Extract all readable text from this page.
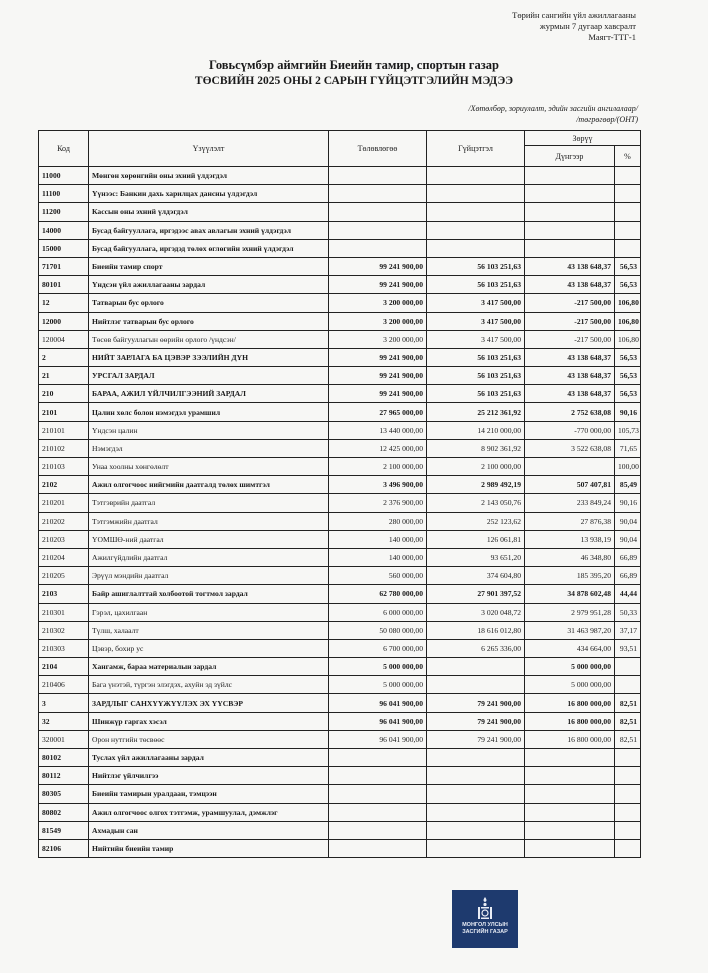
Төрийн сангийн үйл ажиллагааны
журмын 7 дугаар хавсралт
Маягт-ТТГ-1
Говьсүмбэр аймгийн Биеийн тамир, спортын газар
ТӨСВИЙН 2025 ОНЫ 2 САРЫН ГҮЙЦЭТГЭЛИЙН МЭДЭЭ
/Хөтөлбөр, зориулалт, эдийн засгийн ангилалаар/
/төгрөгөөр/(ОНТ)
Код	Үзүүлэлт	Төлөвлөгөө	Гүйцэтгэл	Зөрүү	
				Дүнгээр	%
11000	Мөнгөн хөрөнгийн оны эхний үлдэгдэл				
11100	Үүнээс: Банкин дахь харилцах дансны үлдэгдэл				
11200	Кассын оны эхний үлдэгдэл				
14000	Бусад байгууллага, иргэдээс авах авлагын эхний үлдэгдэл				
15000	Бусад байгууллага, иргэдэд төлөх өглөгийн эхний үлдэгдэл				
71701	Биеийн тамир спорт	99 241 900,00	56 103 251,63	43 138 648,37	56,53
80101	Үндсэн үйл ажиллагааны зардал	99 241 900,00	56 103 251,63	43 138 648,37	56,53
12	Татварын бус орлого	3 200 000,00	3 417 500,00	-217 500,00	106,80
12000	Нийтлэг татварын бус орлого	3 200 000,00	3 417 500,00	-217 500,00	106,80
120004	Төсөв байгууллагын өөрийн орлого /үндсэн/	3 200 000,00	3 417 500,00	-217 500,00	106,80
2	НИЙТ ЗАРЛАГА БА ЦЭВЭР ЗЭЭЛИЙН ДҮН	99 241 900,00	56 103 251,63	43 138 648,37	56,53
21	УРСГАЛ ЗАРДАЛ	99 241 900,00	56 103 251,63	43 138 648,37	56,53
210	БАРАА, АЖИЛ ҮЙЛЧИЛГЭЭНИЙ ЗАРДАЛ	99 241 900,00	56 103 251,63	43 138 648,37	56,53
2101	Цалин хөлс болон нэмэгдэл урамшил	27 965 000,00	25 212 361,92	2 752 638,08	90,16
210101	Үндсэн цалин	13 440 000,00	14 210 000,00	-770 000,00	105,73
210102	Нэмэгдэл	12 425 000,00	8 902 361,92	3 522 638,08	71,65
210103	Унаа хоолны хөнгөлөлт	2 100 000,00	2 100 000,00		100,00
2102	Ажил олгогчоос нийгмийн даатгалд төлөх шимтгэл	3 496 900,00	2 989 492,19	507 407,81	85,49
210201	Тэтгэврийн даатгал	2 376 900,00	2 143 050,76	233 849,24	90,16
210202	Тэтгэмжийн даатгал	280 000,00	252 123,62	27 876,38	90,04
210203	ҮОМШӨ-ний даатгал	140 000,00	126 061,81	13 938,19	90,04
210204	Ажилгүйдлийн даатгал	140 000,00	93 651,20	46 348,80	66,89
210205	Эрүүл мэндийн даатгал	560 000,00	374 604,80	185 395,20	66,89
2103	Байр ашиглалттай холбоотой тогтмол зардал	62 780 000,00	27 901 397,52	34 878 602,48	44,44
210301	Гэрэл, цахилгаан	6 000 000,00	3 020 048,72	2 979 951,28	50,33
210302	Түлш, халаалт	50 080 000,00	18 616 012,80	31 463 987,20	37,17
210303	Цэвэр, бохир ус	6 700 000,00	6 265 336,00	434 664,00	93,51
2104	Хангамж, бараа материалын зардал	5 000 000,00		5 000 000,00	
210406	Бага үнэтэй, түргэн элэгдэх, ахуйн эд зүйлс	5 000 000,00		5 000 000,00	
3	ЗАРДЛЫГ САНХҮҮЖҮҮЛЭХ ЭХ ҮҮСВЭР	96 041 900,00	79 241 900,00	16 800 000,00	82,51
32	Шинжүр гаргах хэсэл	96 041 900,00	79 241 900,00	16 800 000,00	82,51
320001	Орон нутгийн төсвөөс	96 041 900,00	79 241 900,00	16 800 000,00	82,51
80102	Туслах үйл ажиллагааны зардал				
80112	Нийтлэг үйлчилгээ				
80305	Биеийн тамирын уралдаан, тэмцээн				
80802	Ажил олгогчоос олгох тэтгэмж, урамшуулал, дэмжлэг				
81549	Ахмадын сан				
82106	Нийтийн биеийн тамир				
МОНГОЛ УЛСЫН
ЗАСГИЙН ГАЗАР
